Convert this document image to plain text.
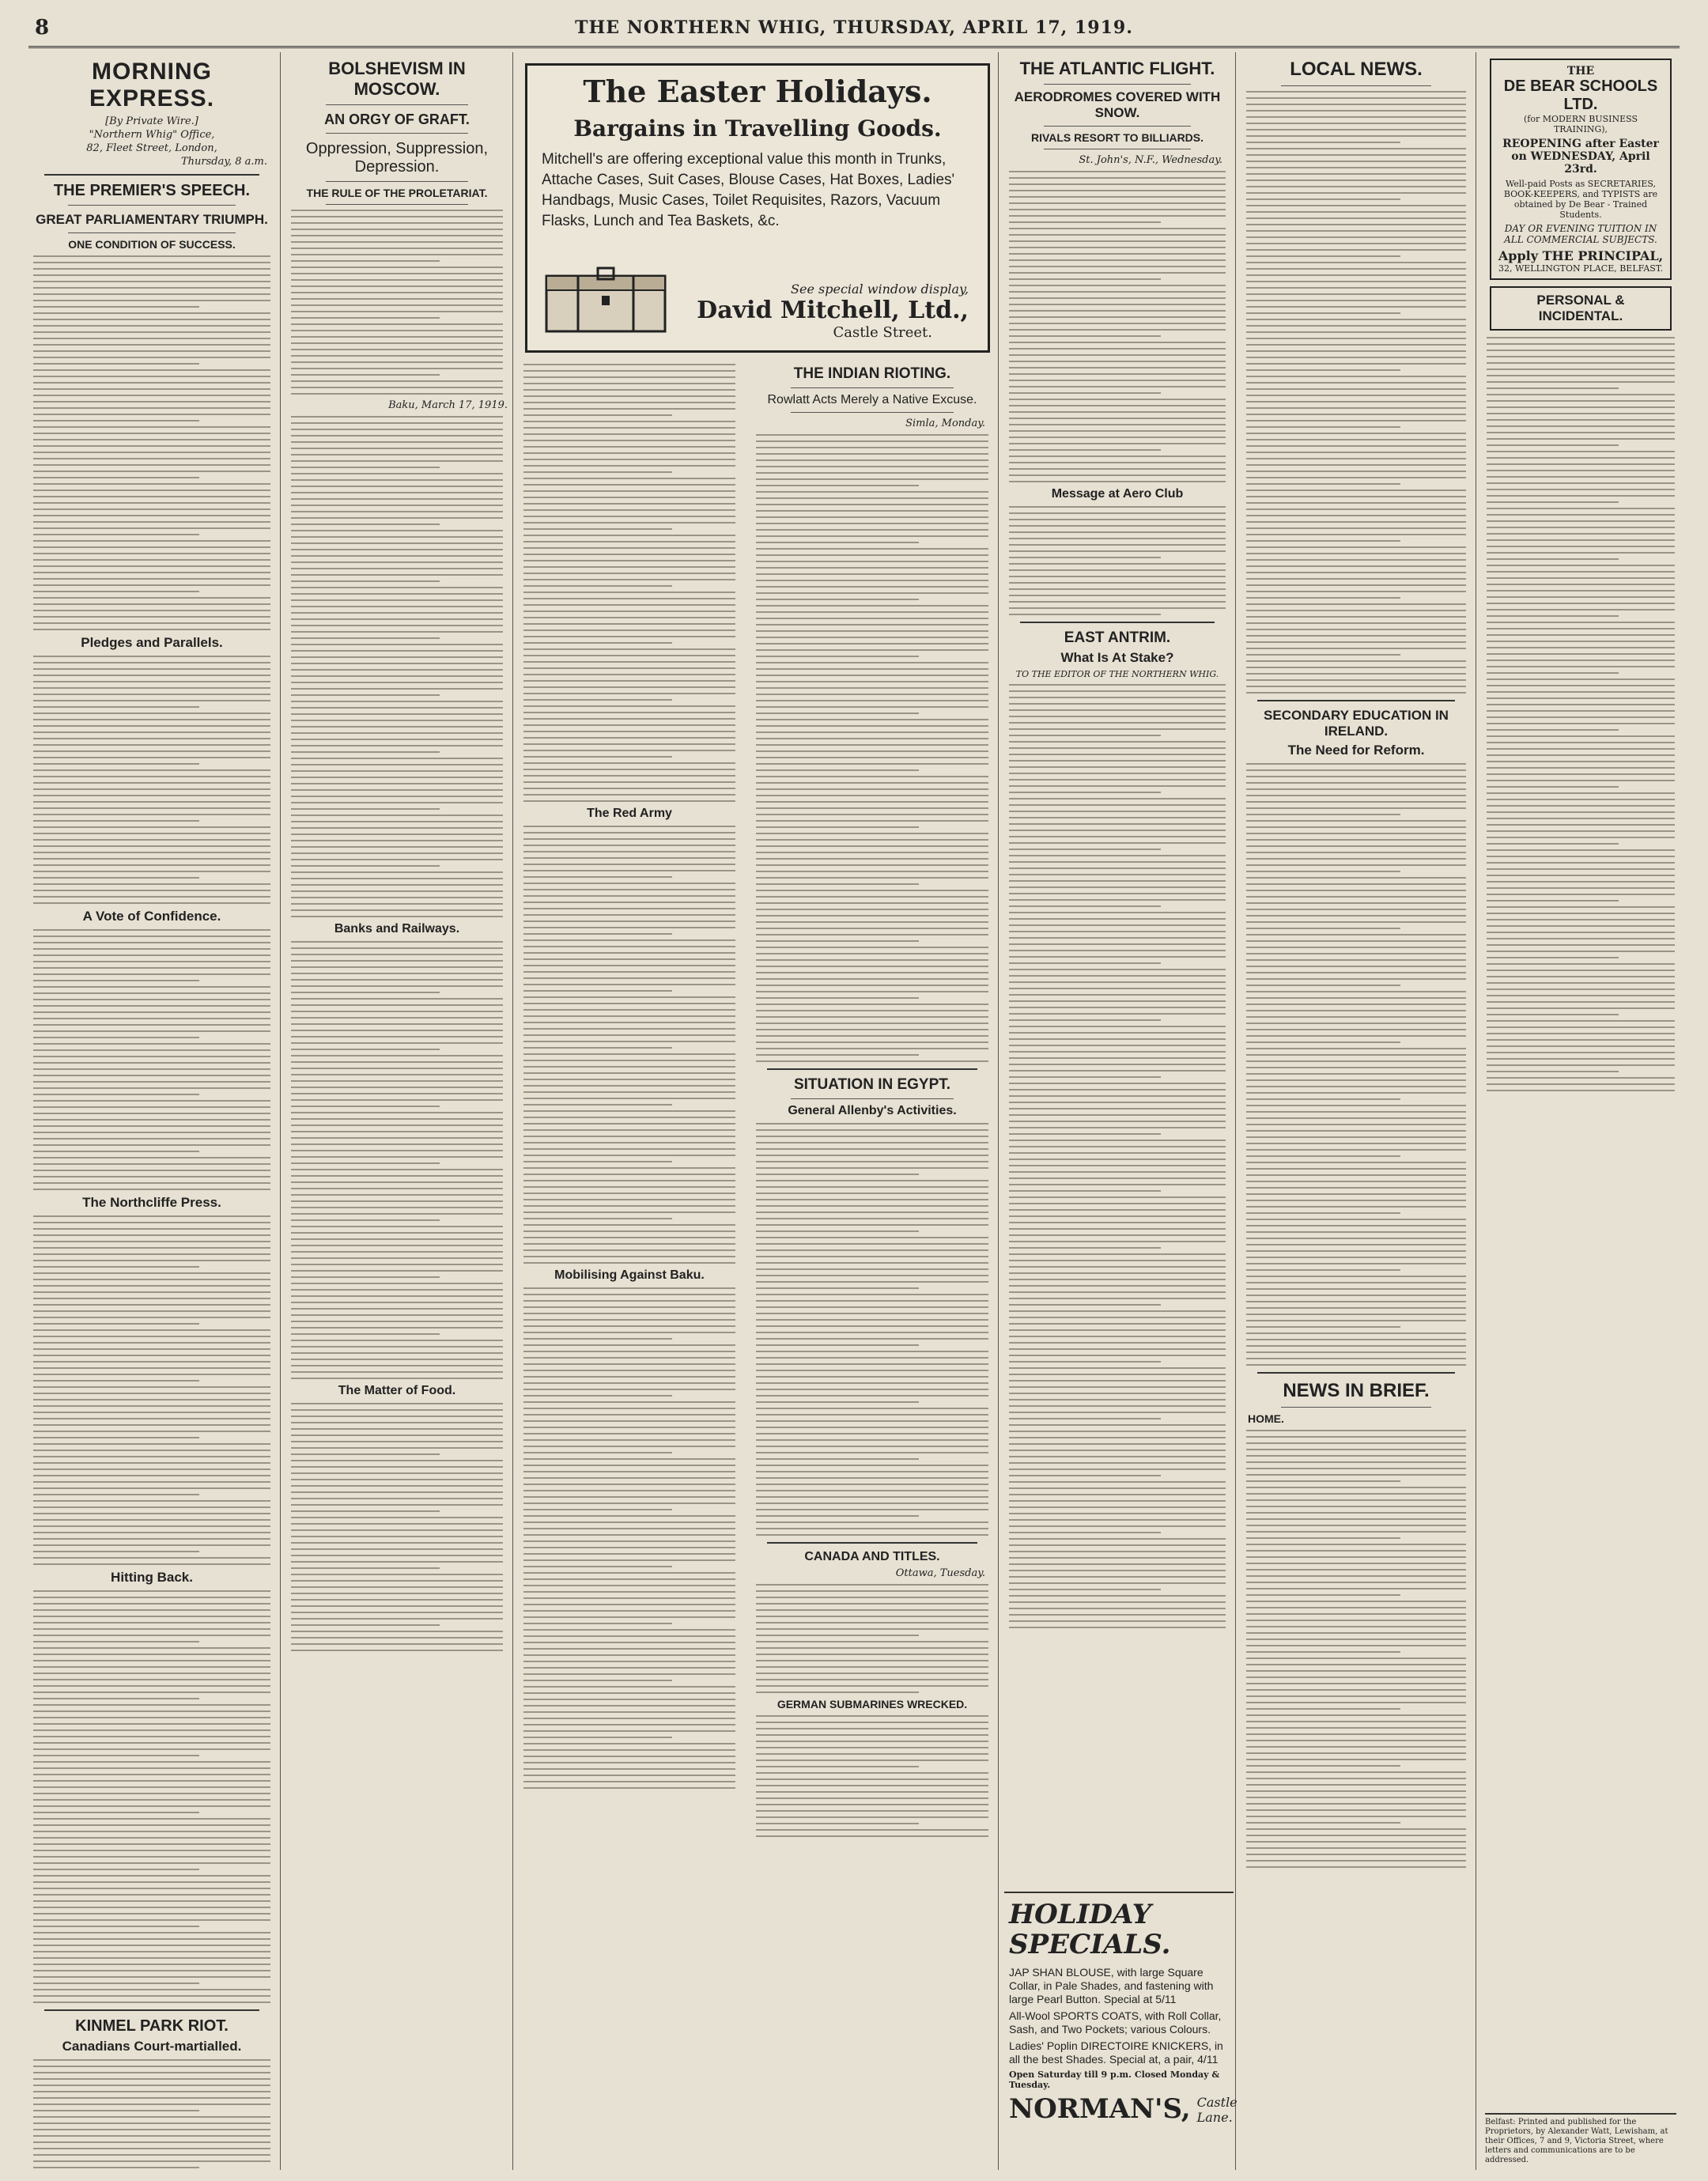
8	THE NORTHERN WHIG, THURSDAY, APRIL 17, 1919.
MORNING EXPRESS.
[By Private Wire.]
"Northern Whig" Office,
82, Fleet Street, London,
Thursday, 8 a.m.
THE PREMIER'S SPEECH.
GREAT PARLIAMENTARY TRIUMPH.
ONE CONDITION OF SUCCESS.
Pledges and Parallels.
A Vote of Confidence.
The Northcliffe Press.
Hitting Back.
KINMEL PARK RIOT.
Canadians Court-martialled.
BOLSHEVISM IN MOSCOW.
AN ORGY OF GRAFT.
Oppression, Suppression, Depression.
THE RULE OF THE PROLETARIAT.
Baku, March 17, 1919.
Banks and Railways.
The Matter of Food.
The Easter Holidays.
Bargains in Travelling Goods.
Mitchell's are offering exceptional value this month in Trunks, Attache Cases, Suit Cases, Blouse Cases, Hat Boxes, Ladies' Handbags, Music Cases, Toilet Requisites, Razors, Vacuum Flasks, Lunch and Tea Baskets, &c.
See special window display,
David Mitchell, Ltd.,
Castle Street.
The Red Army
Mobilising Against Baku.
THE INDIAN RIOTING.
Rowlatt Acts Merely a Native Excuse.
Simla, Monday.
SITUATION IN EGYPT.
General Allenby's Activities.
CANADA AND TITLES.
Ottawa, Tuesday.
GERMAN SUBMARINES WRECKED.
THE ATLANTIC FLIGHT.
AERODROMES COVERED WITH SNOW.
RIVALS RESORT TO BILLIARDS.
St. John's, N.F., Wednesday.
Message at Aero Club
EAST ANTRIM.
What Is At Stake?
TO THE EDITOR OF THE NORTHERN WHIG.
HOLIDAY SPECIALS.
JAP SHAN BLOUSE, with large Square Collar, in Pale Shades, and fastening with large Pearl Button. Special at 5/11
All-Wool SPORTS COATS, with Roll Collar, Sash, and Two Pockets; various Colours.
Ladies' Poplin DIRECTOIRE KNICKERS, in all the best Shades. Special at, a pair, 4/11
Open Saturday till 9 p.m. Closed Monday & Tuesday.
NORMAN'S, Castle Lane.
LOCAL NEWS.
SECONDARY EDUCATION IN IRELAND.
The Need for Reform.
NEWS IN BRIEF.
HOME.
THE
DE BEAR SCHOOLS LTD.
(for MODERN BUSINESS TRAINING),
REOPENING after Easter on WEDNESDAY, April 23rd.
Well-paid Posts as SECRETARIES, BOOK-KEEPERS, and TYPISTS are obtained by De Bear - Trained Students.
DAY OR EVENING TUITION IN ALL COMMERCIAL SUBJECTS.
Apply THE PRINCIPAL,
32, WELLINGTON PLACE, BELFAST.
PERSONAL & INCIDENTAL.
Belfast: Printed and published for the Proprietors, by Alexander Watt, Lewisham, at their Offices, 7 and 9, Victoria Street, where letters and communications are to be addressed.
